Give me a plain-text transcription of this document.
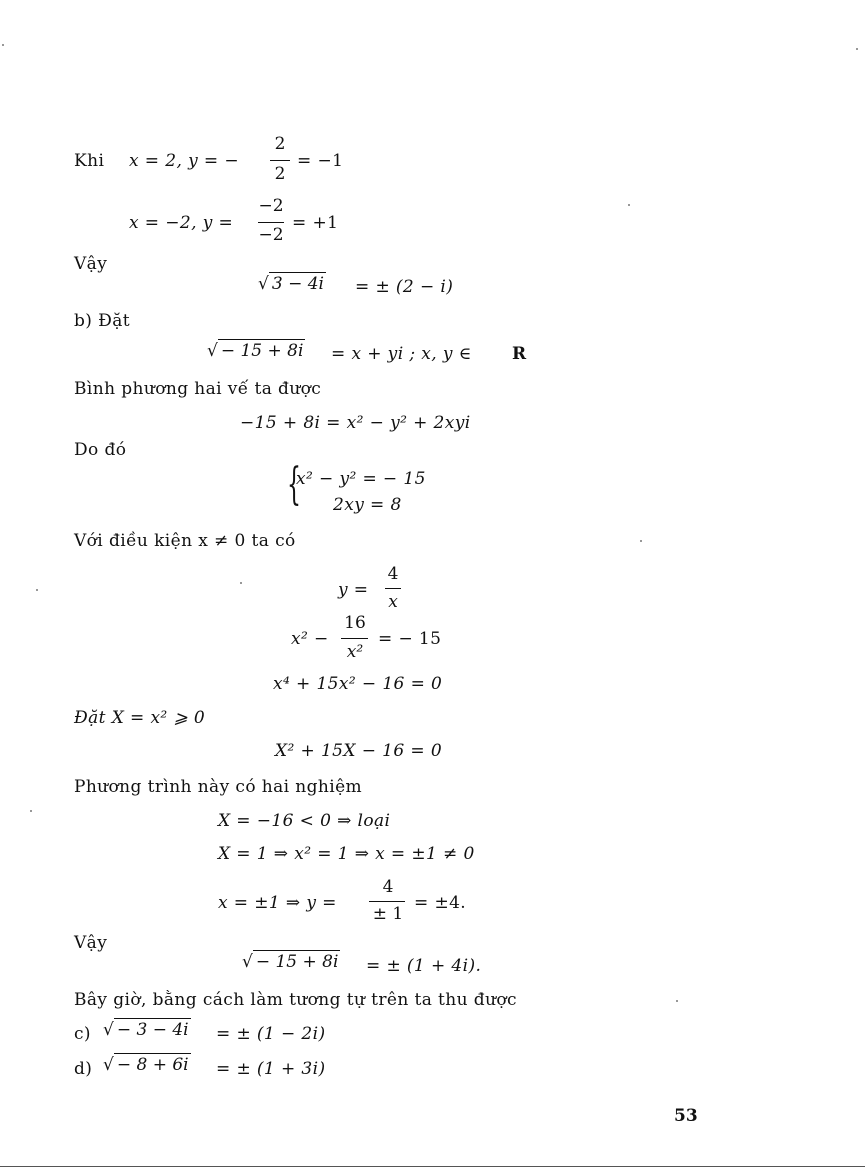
Khi x = 2, y = −
2
2
= −1
x = −2, y =
−2
−2
= +1
Vậy
√ 3 − 4i = ± (2 − i)
b) Đặt
√ − 15 + 8i = x + yi ; x, y ∈ R
Bình phương hai vế ta được
−15 + 8i = x² − y² + 2xyi
Do đó
{
x² − y² = − 15
2xy = 8
Với điều kiện x ≠ 0 ta có
y =
4
x
x² −
16
x²
= − 15
x⁴ + 15x² − 16 = 0
Đặt X = x² ⩾ 0
X² + 15X − 16 = 0
Phương trình này có hai nghiệm
X = −16 < 0 ⇒ loại
X = 1 ⇒ x² = 1 ⇒ x = ±1 ≠ 0
x = ±1 ⇒ y =
4
± 1
= ±4.
Vậy
√ − 15 + 8i = ± (1 + 4i).
Bây giờ, bằng cách làm tương tự trên ta thu được
c) √ − 3 − 4i = ± (1 − 2i)
d) √ − 8 + 6i = ± (1 + 3i)
53
